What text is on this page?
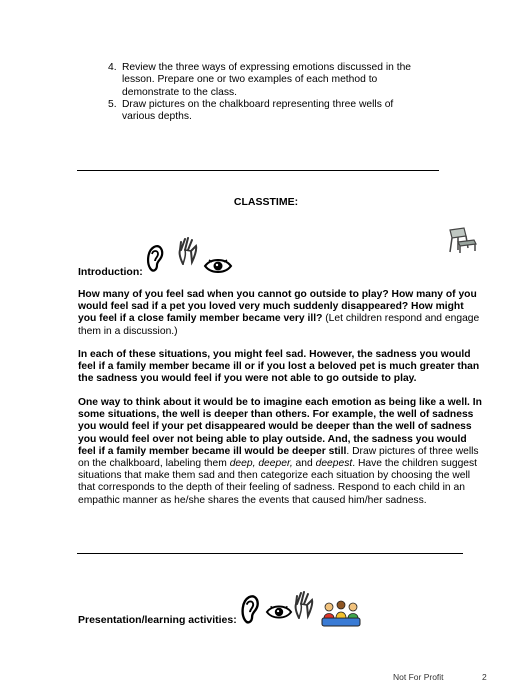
4. Review the three ways of expressing emotions discussed in the lesson. Prepare one or two examples of each method to demonstrate to the class.
5. Draw pictures on the chalkboard representing three wells of various depths.
CLASSTIME:
Introduction:

How many of you feel sad when you cannot go outside to play? How many of you would feel sad if a pet you loved very much suddenly disappeared? How might you feel if a close family member became very ill? (Let children respond and engage them in a discussion.)

In each of these situations, you might feel sad. However, the sadness you would feel if a family member became ill or if you lost a beloved pet is much greater than the sadness you would feel if you were not able to go outside to play.

One way to think about it would be to imagine each emotion as being like a well. In some situations, the well is deeper than others. For example, the well of sadness you would feel if your pet disappeared would be deeper than the well of sadness you would feel over not being able to play outside. And, the sadness you would feel if a family member became ill would be deeper still. Draw pictures of three wells on the chalkboard, labeling them deep, deeper, and deepest. Have the children suggest situations that make them sad and then categorize each situation by choosing the well that corresponds to the depth of their feeling of sadness. Respond to each child in an empathic manner as he/she shares the events that caused him/her sadness.

Presentation/learning activities:
Not For Profit	2
